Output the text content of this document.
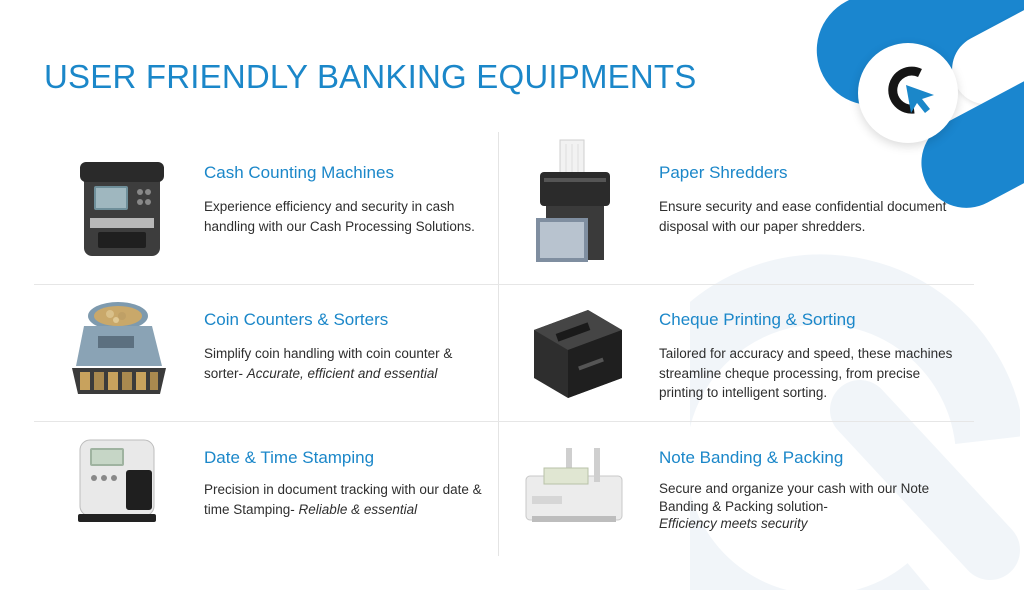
USER FRIENDLY BANKING EQUIPMENTS
Cash Counting Machines
Experience efficiency and security in cash handling with our Cash Processing Solutions.
Paper Shredders
Ensure security and ease confidential document disposal with our paper shredders.
Coin Counters & Sorters
Simplify coin handling with coin counter & sorter- Accurate, efficient and essential
Cheque Printing & Sorting
Tailored for accuracy and speed, these machines streamline cheque processing, from precise printing to intelligent sorting.
Date & Time Stamping
Precision in document tracking with our date & time Stamping- Reliable & essential
Note Banding & Packing
Secure and organize your cash with our Note Banding & Packing solution-
Efficiency meets security
